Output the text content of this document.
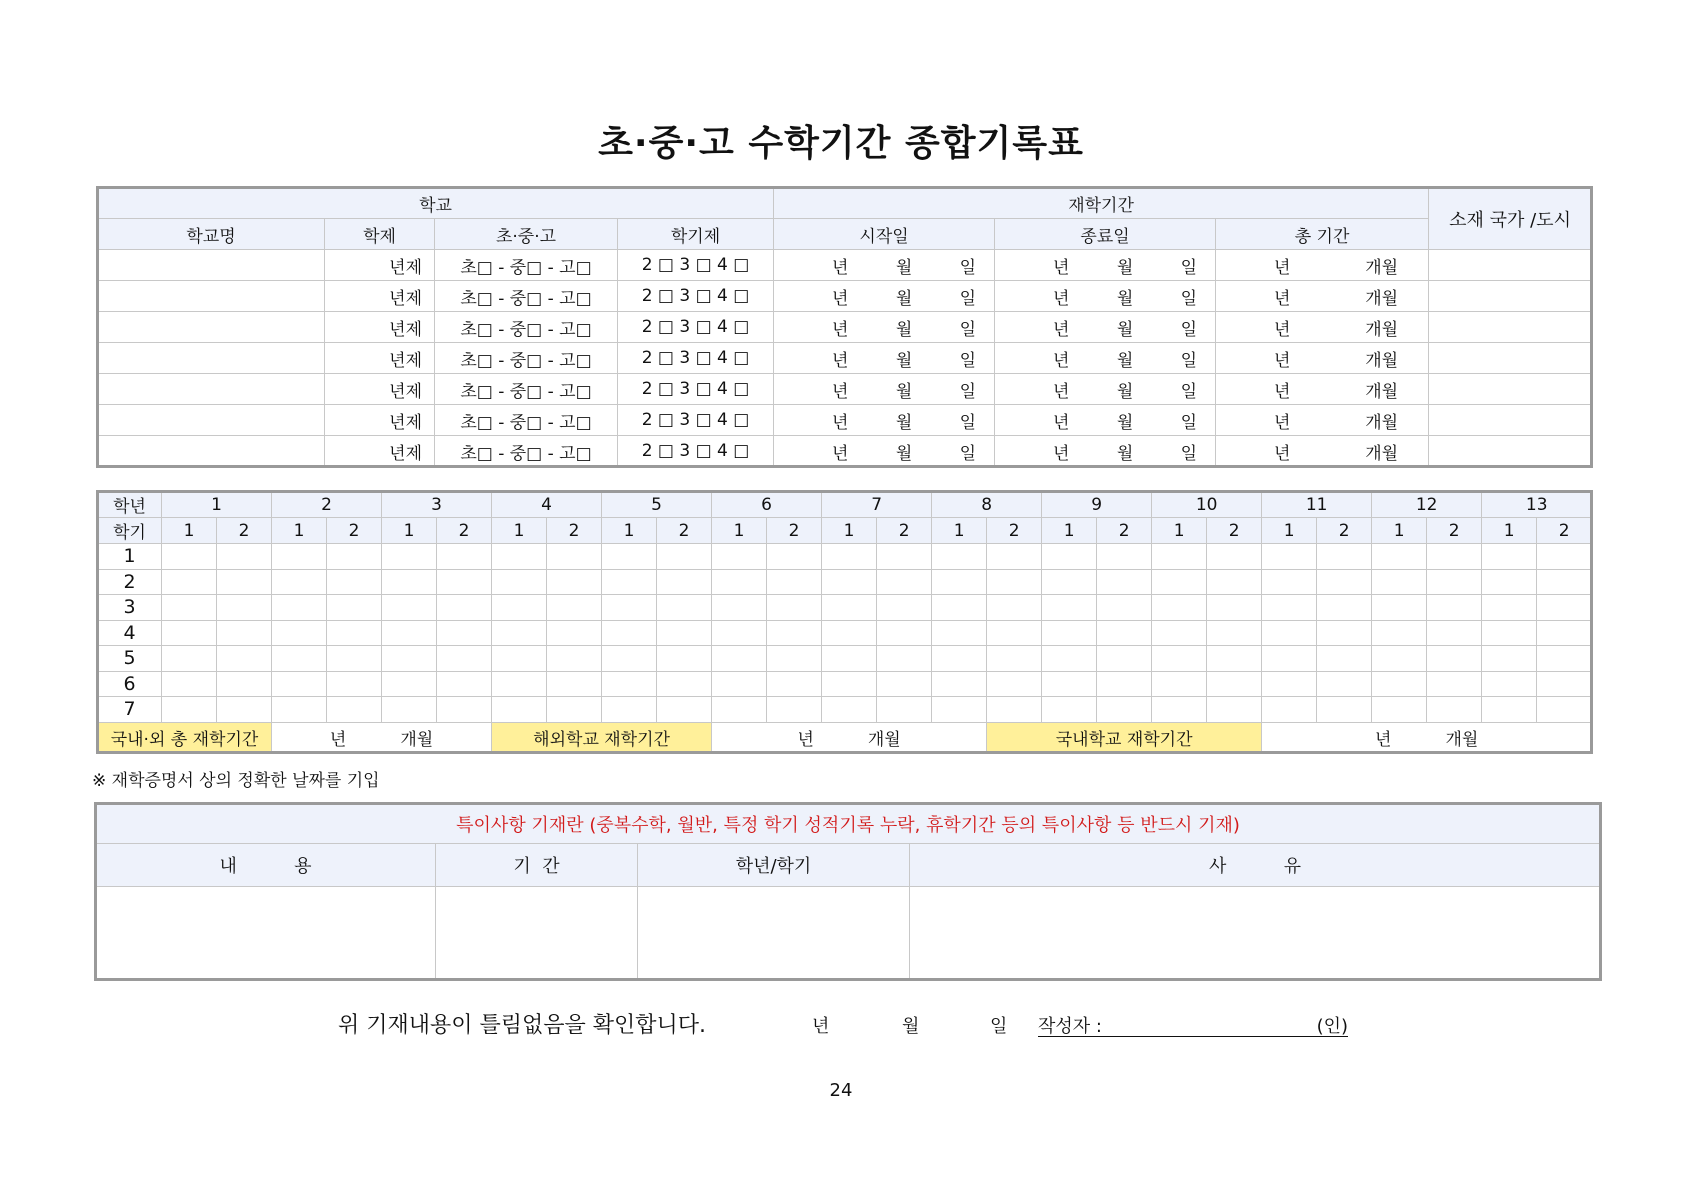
초·중·고 수학기간 종합기록표
학교				재학기간			소재 국가 /도시
학교명	학제	초·중·고	학기제	시작일	종료일	총 기간	
	년제	초□ - 중□ - 고□	2 □ 3 □ 4 □	년 월 일	년 월 일	년 개월	

	년제	초□ - 중□ - 고□	2 □ 3 □ 4 □	년 월 일	년 월 일	년 개월	

	년제	초□ - 중□ - 고□	2 □ 3 □ 4 □	년 월 일	년 월 일	년 개월	

	년제	초□ - 중□ - 고□	2 □ 3 □ 4 □	년 월 일	년 월 일	년 개월	

	년제	초□ - 중□ - 고□	2 □ 3 □ 4 □	년 월 일	년 월 일	년 개월	

	년제	초□ - 중□ - 고□	2 □ 3 □ 4 □	년 월 일	년 월 일	년 개월	

	년제	초□ - 중□ - 고□	2 □ 3 □ 4 □	년 월 일	년 월 일	년 개월	

학년	1		2		3		4		5		6		7		8		9		10		11		12		13	
학기	1	2	1	2	1	2	1	2	1	2	1	2	1	2	1	2	1	2	1	2	1	2	1	2	1	2
1																										
2																										
3																										
4																										
5																										
6																										
7																										
국내·외 총 재학기간			년 개월				해외학교 재학기간				년 개월					국내학교 재학기간					년 개월					
※ 재학증명서 상의 정확한 날짜를 기입
특이사항 기재란 (중복수학, 월반, 특정 학기 성적기록 누락, 휴학기간 등의 특이사항 등 반드시 기재)			
내          용	기  간	학년/학기	사          유

위 기재내용이 틀림없음을 확인합니다.	년	월	일 작성자 :	(인)
24
